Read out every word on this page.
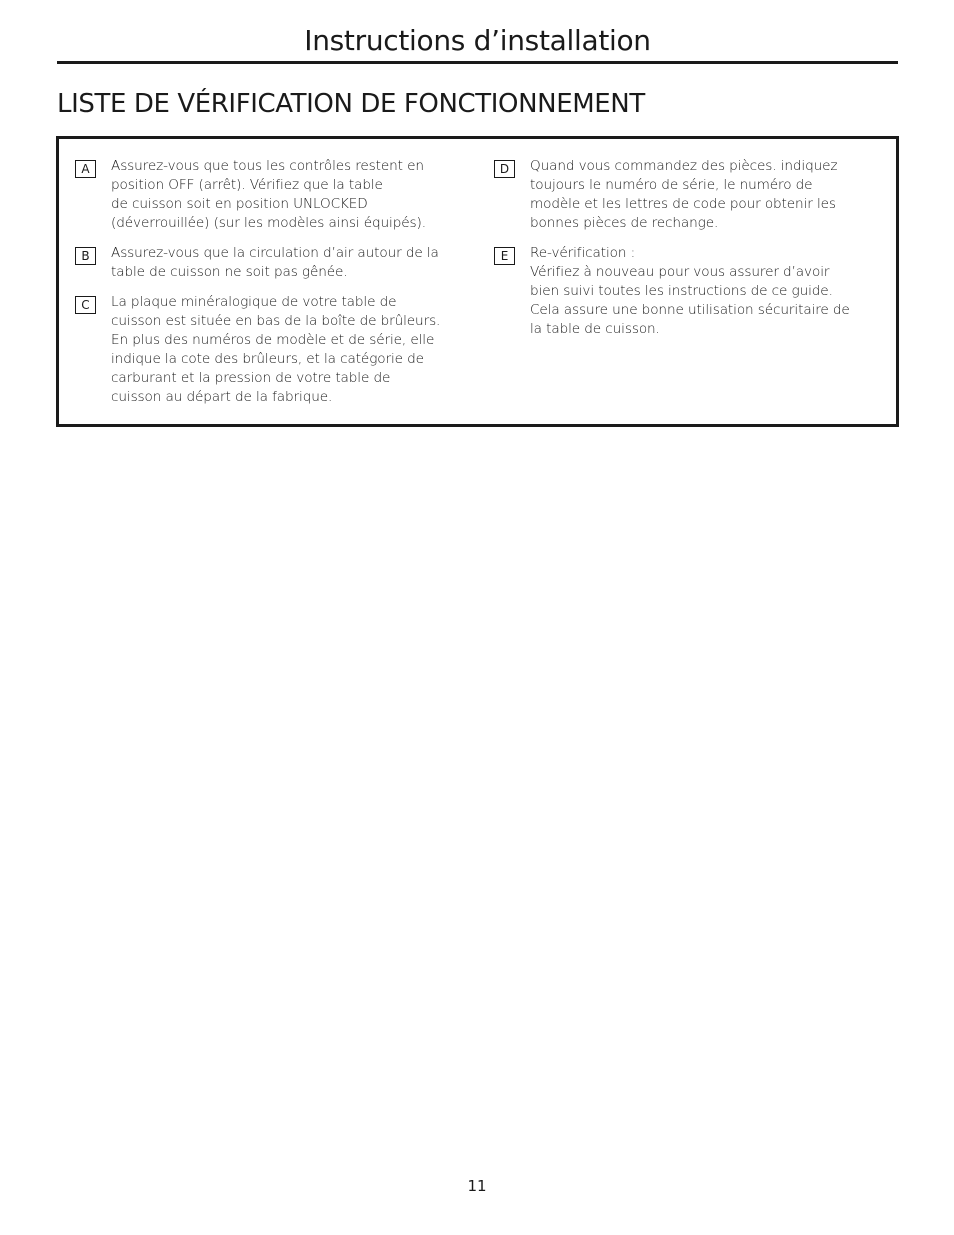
Instructions d’installation
LISTE DE VÉRIFICATION DE FONCTIONNEMENT
A	Assurez-vous que tous les contrôles restent en
position OFF (arrêt). Vérifiez que la table
de cuisson soit en position UNLOCKED
(déverrouillée) (sur les modèles ainsi équipés).
B	Assurez-vous que la circulation d’air autour de la
table de cuisson ne soit pas gênée.
C	La plaque minéralogique de votre table de
cuisson est située en bas de la boîte de brûleurs.
En plus des numéros de modèle et de série, elle
indique la cote des brûleurs, et la catégorie de
carburant et la pression de votre table de
cuisson au départ de la fabrique.
D	Quand vous commandez des pièces. indiquez
toujours le numéro de série, le numéro de
modèle et les lettres de code pour obtenir les
bonnes pièces de rechange.
E	Re-vérification :
Vérifiez à nouveau pour vous assurer d’avoir
bien suivi toutes les instructions de ce guide.
Cela assure une bonne utilisation sécuritaire de
la table de cuisson.
11
